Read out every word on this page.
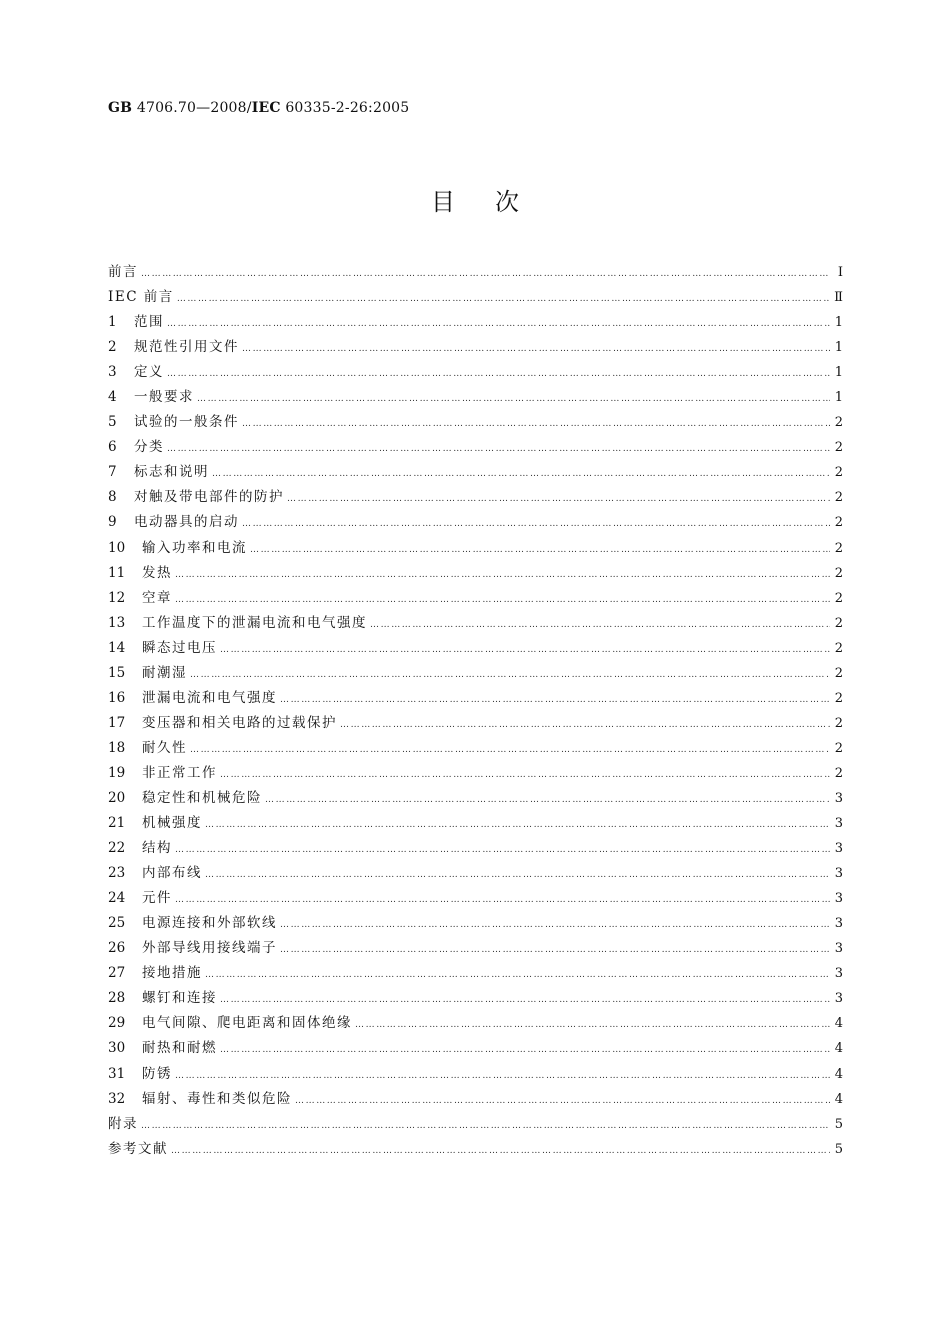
GB 4706.70—2008/IEC 60335-2-26:2005
目次
前言 ……………………………………………………………………………………………………………………………………………………………………………………………………………………………………………	Ⅰ
IEC 前言 ……………………………………………………………………………………………………………………………………………………………………………………………………………………………………………	Ⅱ
1	范围 ……………………………………………………………………………………………………………………………………………………………………………………………………………………………………………	1
2	规范性引用文件 ……………………………………………………………………………………………………………………………………………………………………………………………………………………………………………	1
3	定义 ……………………………………………………………………………………………………………………………………………………………………………………………………………………………………………	1
4	一般要求 ……………………………………………………………………………………………………………………………………………………………………………………………………………………………………………	1
5	试验的一般条件 ……………………………………………………………………………………………………………………………………………………………………………………………………………………………………………	2
6	分类 ……………………………………………………………………………………………………………………………………………………………………………………………………………………………………………	2
7	标志和说明 ……………………………………………………………………………………………………………………………………………………………………………………………………………………………………………	2
8	对触及带电部件的防护 ……………………………………………………………………………………………………………………………………………………………………………………………………………………………………………	2
9	电动器具的启动 ……………………………………………………………………………………………………………………………………………………………………………………………………………………………………………	2
10	输入功率和电流 ……………………………………………………………………………………………………………………………………………………………………………………………………………………………………………	2
11	发热 ……………………………………………………………………………………………………………………………………………………………………………………………………………………………………………	2
12	空章 ……………………………………………………………………………………………………………………………………………………………………………………………………………………………………………	2
13	工作温度下的泄漏电流和电气强度 ……………………………………………………………………………………………………………………………………………………………………………………………………………………………………………	2
14	瞬态过电压 ……………………………………………………………………………………………………………………………………………………………………………………………………………………………………………	2
15	耐潮湿 ……………………………………………………………………………………………………………………………………………………………………………………………………………………………………………	2
16	泄漏电流和电气强度 ……………………………………………………………………………………………………………………………………………………………………………………………………………………………………………	2
17	变压器和相关电路的过载保护 ……………………………………………………………………………………………………………………………………………………………………………………………………………………………………………	2
18	耐久性 ……………………………………………………………………………………………………………………………………………………………………………………………………………………………………………	2
19	非正常工作 ……………………………………………………………………………………………………………………………………………………………………………………………………………………………………………	2
20	稳定性和机械危险 ……………………………………………………………………………………………………………………………………………………………………………………………………………………………………………	3
21	机械强度 ……………………………………………………………………………………………………………………………………………………………………………………………………………………………………………	3
22	结构 ……………………………………………………………………………………………………………………………………………………………………………………………………………………………………………	3
23	内部布线 ……………………………………………………………………………………………………………………………………………………………………………………………………………………………………………	3
24	元件 ……………………………………………………………………………………………………………………………………………………………………………………………………………………………………………	3
25	电源连接和外部软线 ……………………………………………………………………………………………………………………………………………………………………………………………………………………………………………	3
26	外部导线用接线端子 ……………………………………………………………………………………………………………………………………………………………………………………………………………………………………………	3
27	接地措施 ……………………………………………………………………………………………………………………………………………………………………………………………………………………………………………	3
28	螺钉和连接 ……………………………………………………………………………………………………………………………………………………………………………………………………………………………………………	3
29	电气间隙、爬电距离和固体绝缘 ……………………………………………………………………………………………………………………………………………………………………………………………………………………………………………	4
30	耐热和耐燃 ……………………………………………………………………………………………………………………………………………………………………………………………………………………………………………	4
31	防锈 ……………………………………………………………………………………………………………………………………………………………………………………………………………………………………………	4
32	辐射、毒性和类似危险 ……………………………………………………………………………………………………………………………………………………………………………………………………………………………………………	4
附录 ……………………………………………………………………………………………………………………………………………………………………………………………………………………………………………	5
参考文献 ……………………………………………………………………………………………………………………………………………………………………………………………………………………………………………	5
